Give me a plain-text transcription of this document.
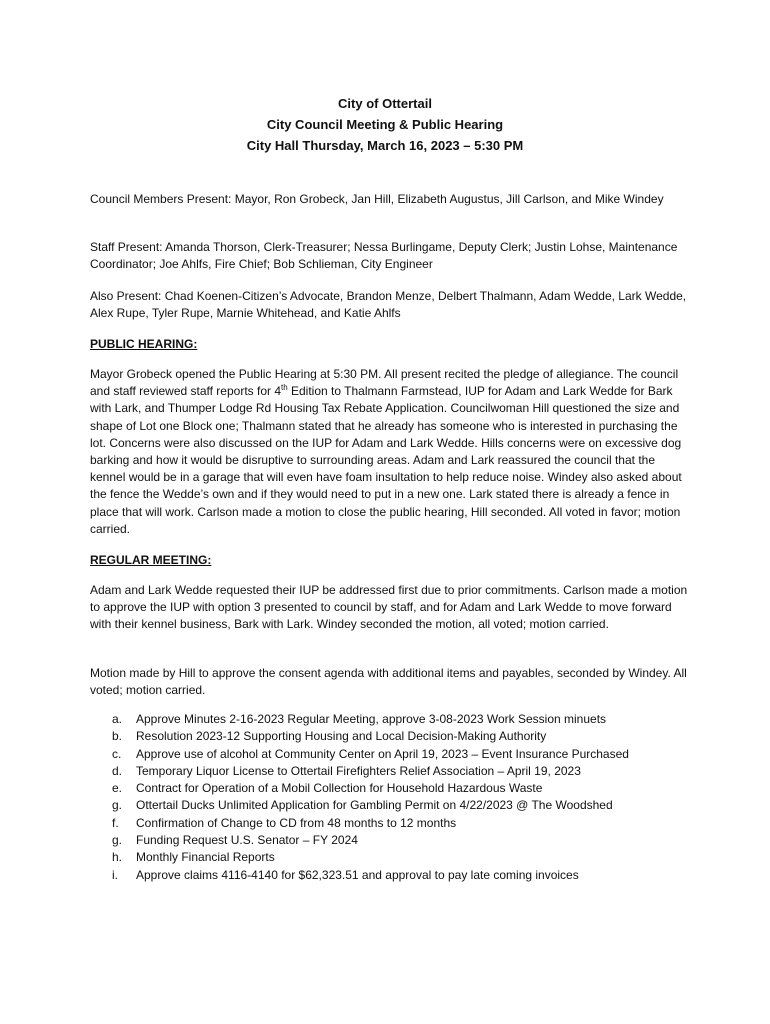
City of Ottertail
City Council Meeting & Public Hearing
City Hall Thursday, March 16, 2023 – 5:30 PM
Council Members Present: Mayor, Ron Grobeck, Jan Hill, Elizabeth Augustus, Jill Carlson, and Mike Windey
Staff Present: Amanda Thorson, Clerk-Treasurer; Nessa Burlingame, Deputy Clerk; Justin Lohse, Maintenance Coordinator; Joe Ahlfs, Fire Chief; Bob Schlieman, City Engineer
Also Present: Chad Koenen-Citizen’s Advocate, Brandon Menze, Delbert Thalmann, Adam Wedde, Lark Wedde, Alex Rupe, Tyler Rupe, Marnie Whitehead, and Katie Ahlfs
PUBLIC HEARING:
Mayor Grobeck opened the Public Hearing at 5:30 PM. All present recited the pledge of allegiance. The council and staff reviewed staff reports for 4th Edition to Thalmann Farmstead, IUP for Adam and Lark Wedde for Bark with Lark, and Thumper Lodge Rd Housing Tax Rebate Application. Councilwoman Hill questioned the size and shape of Lot one Block one; Thalmann stated that he already has someone who is interested in purchasing the lot. Concerns were also discussed on the IUP for Adam and Lark Wedde. Hills concerns were on excessive dog barking and how it would be disruptive to surrounding areas. Adam and Lark reassured the council that the kennel would be in a garage that will even have foam insultation to help reduce noise. Windey also asked about the fence the Wedde’s own and if they would need to put in a new one. Lark stated there is already a fence in place that will work. Carlson made a motion to close the public hearing, Hill seconded. All voted in favor; motion carried.
REGULAR MEETING:
Adam and Lark Wedde requested their IUP be addressed first due to prior commitments. Carlson made a motion to approve the IUP with option 3 presented to council by staff, and for Adam and Lark Wedde to move forward with their kennel business, Bark with Lark. Windey seconded the motion, all voted; motion carried.
Motion made by Hill to approve the consent agenda with additional items and payables, seconded by Windey. All voted; motion carried.
a.	Approve Minutes 2-16-2023 Regular Meeting, approve 3-08-2023 Work Session minuets
b.	Resolution 2023-12 Supporting Housing and Local Decision-Making Authority
c.	Approve use of alcohol at Community Center on April 19, 2023 – Event Insurance Purchased
d.	Temporary Liquor License to Ottertail Firefighters Relief Association – April 19, 2023
e.	Contract for Operation of a Mobil Collection for Household Hazardous Waste
g.	Ottertail Ducks Unlimited Application for Gambling Permit on 4/22/2023 @ The Woodshed
f.	Confirmation of Change to CD from 48 months to 12 months
g.	Funding Request U.S. Senator – FY 2024
h.	Monthly Financial Reports
i.	Approve claims 4116-4140 for $62,323.51 and approval to pay late coming invoices
